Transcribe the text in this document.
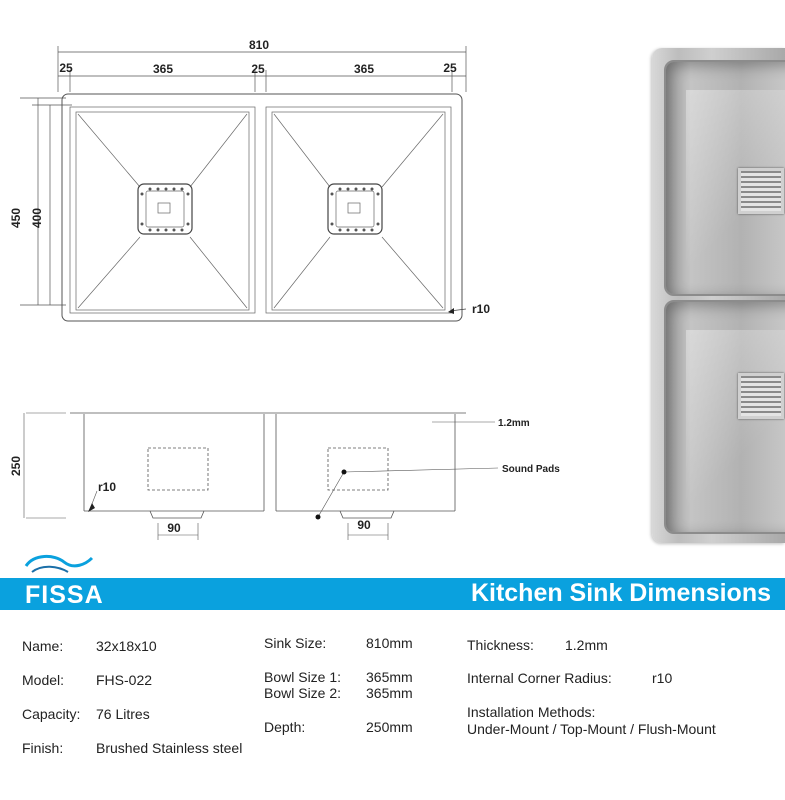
810
25	365	25	365	25
450 400
r10
250
r10
90	90
1.2mm
Sound Pads
FISSA	Kitchen Sink Dimensions
Name: 32x18x10
Model: FHS-022
Capacity: 76 Litres
Finish: Brushed Stainless steel
Sink Size:	810mm
Bowl Size 1: 365mm
Bowl Size 2: 365mm
Depth:	250mm
Thickness: 1.2mm
Internal Corner Radius:	r10
Installation Methods:
Under-Mount / Top-Mount / Flush-Mount
